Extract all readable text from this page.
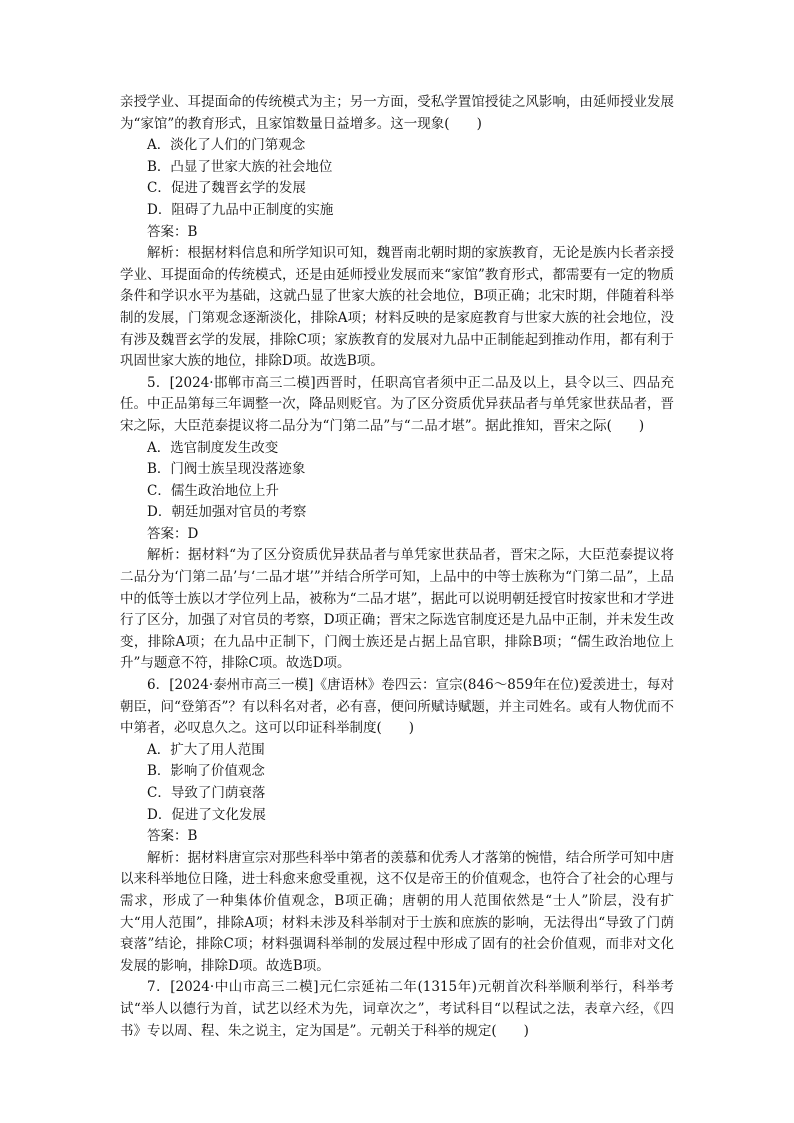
亲授学业、耳提面命的传统模式为主；另一方面，受私学置馆授徒之风影响，由延师授业发展为“家馆”的教育形式，且家馆数量日益增多。这一现象(　　)

A．淡化了人们的门第观念

B．凸显了世家大族的社会地位

C．促进了魏晋玄学的发展

D．阻碍了九品中正制度的实施

答案：B

解析：根据材料信息和所学知识可知，魏晋南北朝时期的家族教育，无论是族内长者亲授学业、耳提面命的传统模式，还是由延师授业发展而来“家馆”教育形式，都需要有一定的物质条件和学识水平为基础，这就凸显了世家大族的社会地位，B项正确；北宋时期，伴随着科举制的发展，门第观念逐渐淡化，排除A项；材料反映的是家庭教育与世家大族的社会地位，没有涉及魏晋玄学的发展，排除C项；家族教育的发展对九品中正制能起到推动作用，都有利于巩固世家大族的地位，排除D项。故选B项。

5．[2024·邯郸市高三二模]西晋时，任职高官者须中正二品及以上，县令以三、四品充任。中正品第每三年调整一次，降品则贬官。为了区分资质优异获品者与单凭家世获品者，晋宋之际，大臣范泰提议将二品分为“门第二品”与“二品才堪”。据此推知，晋宋之际(　　)

A．选官制度发生改变

B．门阀士族呈现没落迹象

C．儒生政治地位上升

D．朝廷加强对官员的考察

答案：D

解析：据材料“为了区分资质优异获品者与单凭家世获品者，晋宋之际，大臣范泰提议将二品分为‘门第二品’与‘二品才堪’”并结合所学可知，上品中的中等士族称为“门第二品”，上品中的低等士族以才学位列上品，被称为“二品才堪”，据此可以说明朝廷授官时按家世和才学进行了区分，加强了对官员的考察，D项正确；晋宋之际选官制度还是九品中正制，并未发生改变，排除A项；在九品中正制下，门阀士族还是占据上品官职，排除B项；“儒生政治地位上升”与题意不符，排除C项。故选D项。

6．[2024·泰州市高三一模]《唐语林》卷四云：宣宗(846～859年在位)爱羡进士，每对朝臣，问“登第否”？有以科名对者，必有喜，便问所赋诗赋题，并主司姓名。或有人物优而不中第者，必叹息久之。这可以印证科举制度(　　)

A．扩大了用人范围

B．影响了价值观念

C．导致了门荫衰落

D．促进了文化发展

答案：B

解析：据材料唐宣宗对那些科举中第者的羡慕和优秀人才落第的惋惜，结合所学可知中唐以来科举地位日隆，进士科愈来愈受重视，这不仅是帝王的价值观念，也符合了社会的心理与需求，形成了一种集体价值观念，B项正确；唐朝的用人范围依然是“士人”阶层，没有扩大“用人范围”，排除A项；材料未涉及科举制对于士族和庶族的影响，无法得出“导致了门荫衰落”结论，排除C项；材料强调科举制的发展过程中形成了固有的社会价值观，而非对文化发展的影响，排除D项。故选B项。

7．[2024·中山市高三二模]元仁宗延祐二年(1315年)元朝首次科举顺利举行，科举考试“举人以德行为首，试艺以经术为先，词章次之”，考试科目“以程试之法，表章六经，《四书》专以周、程、朱之说主，定为国是”。元朝关于科举的规定(　　)
